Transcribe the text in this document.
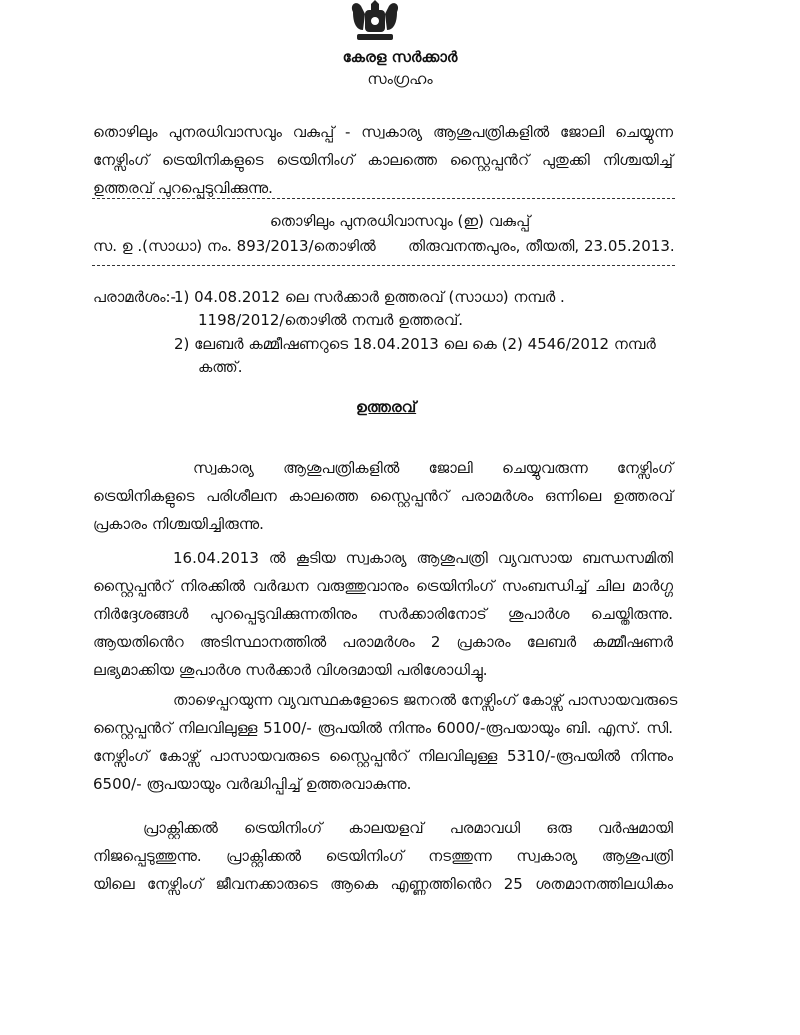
കേരള സർക്കാർ
സംഗ്രഹം
തൊഴിലും പുനരധിവാസവും വകുപ്പ് - സ്വകാര്യ ആശുപത്രികളിൽ ജോലി ചെയ്യുന്ന
നേഴ്സിംഗ് ട്രെയിനികളുടെ ട്രെയിനിംഗ് കാലത്തെ സ്റ്റൈപ്പൻറ് പുതുക്കി നിശ്ചയിച്ച്
ഉത്തരവ് പുറപ്പെടുവിക്കുന്നു.
തൊഴിലും പുനരധിവാസവും (ഇ) വകുപ്പ്
സ. ഉ .(സാധാ) നം. 893/2013/തൊഴിൽ തിരുവനന്തപുരം, തീയതി, 23.05.2013.
പരാമർശം:-
1) 04.08.2012 ലെ സർക്കാർ ഉത്തരവ് (സാധാ) നമ്പർ .
1198/2012/തൊഴിൽ നമ്പർ ഉത്തരവ്.
2) ലേബർ കമ്മീഷണറുടെ 18.04.2013 ലെ കെ (2) 4546/2012 നമ്പർ
കത്ത്.
ഉത്തരവ്
സ്വകാര്യ ആശുപത്രികളിൽ ജോലി ചെയ്യുവരുന്ന നേഴ്സിംഗ്
ട്രെയിനികളുടെ പരിശീലന കാലത്തെ സ്റ്റൈപ്പൻറ് പരാമർശം ഒന്നിലെ ഉത്തരവ്
പ്രകാരം നിശ്ചയിച്ചിരുന്നു.
16.04.2013 ൽ കൂടിയ സ്വകാര്യ ആശുപത്രി വ്യവസായ ബന്ധസമിതി
സ്റ്റൈപ്പൻറ് നിരക്കിൽ വർദ്ധന വരുത്തുവാനും ട്രെയിനിംഗ് സംബന്ധിച്ച് ചില മാർഗ്ഗ
നിർദ്ദേശങ്ങൾ പുറപ്പെടുവിക്കുന്നതിനും സർക്കാരിനോട് ശുപാർശ ചെയ്തിരുന്നു.
ആയതിൻെറ അടിസ്ഥാനത്തിൽ പരാമർശം 2 പ്രകാരം ലേബർ കമ്മീഷണർ
ലഭ്യമാക്കിയ ശുപാർശ സർക്കാർ വിശദമായി പരിശോധിച്ചു.
താഴെപ്പറയുന്ന വ്യവസ്ഥകളോടെ ജനറൽ നേഴ്സിംഗ് കോഴ്സ് പാസായവരുടെ
സ്റ്റൈപ്പൻറ് നിലവിലുള്ള 5100/- രൂപയിൽ നിന്നും 6000/-രൂപയായും ബി. എസ്. സി.
നേഴ്സിംഗ് കോഴ്സ് പാസായവരുടെ സ്റ്റൈപ്പൻറ് നിലവിലുള്ള 5310/-രൂപയിൽ നിന്നും
6500/- രൂപയായും വർദ്ധിപ്പിച്ച് ഉത്തരവാകുന്നു.
പ്രാക്റ്റിക്കൽ ട്രെയിനിംഗ് കാലയളവ് പരമാവധി ഒരു വർഷമായി
നിജപ്പെടുത്തുന്നു. പ്രാക്റ്റിക്കൽ ട്രെയിനിംഗ് നടത്തുന്ന സ്വകാര്യ ആശുപത്രി
യിലെ നേഴ്സിംഗ് ജീവനക്കാരുടെ ആകെ എണ്ണത്തിൻെറ 25 ശതമാനത്തിലധികം
